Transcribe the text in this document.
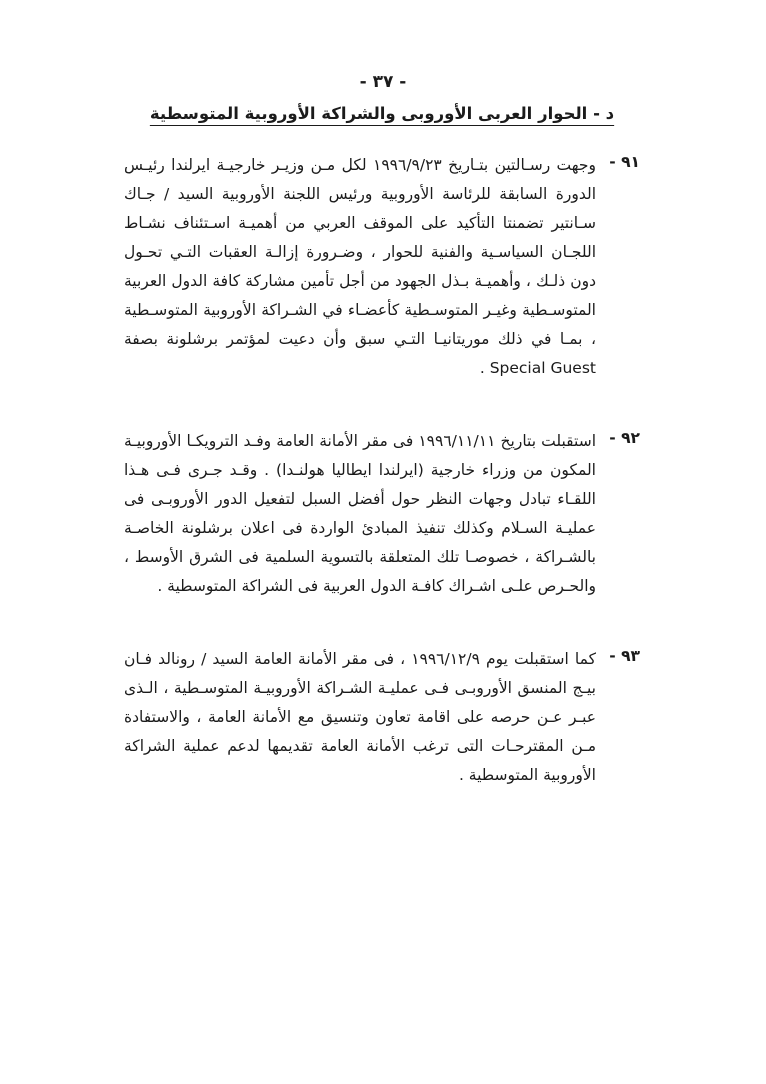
- ٣٧ -
د - الحوار العربى الأوروبى والشراكة الأوروبية المتوسطية
٩١ -

وجهت رسـالتين بتـاريخ ١٩٩٦/٩/٢٣ لكل مـن وزيـر خارجيـة ايرلندا رئيـس الدورة السابقة للرئاسة الأوروبية ورئيس اللجنة الأوروبية السيد / جـاك سـانتير تضمنتا التأكيد على الموقف العربي من أهميـة اسـتئناف نشـاط اللجـان السياسـية والفنية للحوار ، وضـرورة إزالـة العقبات التـي تحـول دون ذلـك ، وأهميـة بـذل الجهود من أجل تأمين مشاركة كافة الدول العربية المتوسـطية وغيـر المتوسـطية كأعضـاء في الشـراكة الأوروبية المتوسـطية ، بمـا في ذلك موريتانيـا التـي سبق وأن دعيت لمؤتمر برشلونة بصفة Special Guest .

٩٢ -

استقبلت بتاريخ ١٩٩٦/١١/١١ فى مقر الأمانة العامة وفـد الترويكـا الأوروبيـة المكون من وزراء خارجية (ايرلندا ايطاليا هولنـدا) . وقـد جـرى فـى هـذا اللقـاء تبادل وجهات النظر حول أفضل السبل لتفعيل الدور الأوروبـى فى عمليـة السـلام وكذلك تنفيذ المبادئ الواردة فى اعلان برشلونة الخاصـة بالشـراكة ، خصوصـا تلك المتعلقة بالتسوية السلمية فى الشرق الأوسط ، والحـرص علـى اشـراك كافـة الدول العربية فى الشراكة المتوسطية .

٩٣ -

كما استقبلت يوم ١٩٩٦/١٢/٩ ، فى مقر الأمانة العامة السيد / رونالد فـان بيـج المنسق الأوروبـى فـى عمليـة الشـراكة الأوروبيـة المتوسـطية ، الـذى عبـر عـن حرصه على اقامة تعاون وتنسيق مع الأمانة العامة ، والاستفادة مـن المقترحـات التى ترغب الأمانة العامة تقديمها لدعم عملية الشراكة الأوروبية المتوسطية .
